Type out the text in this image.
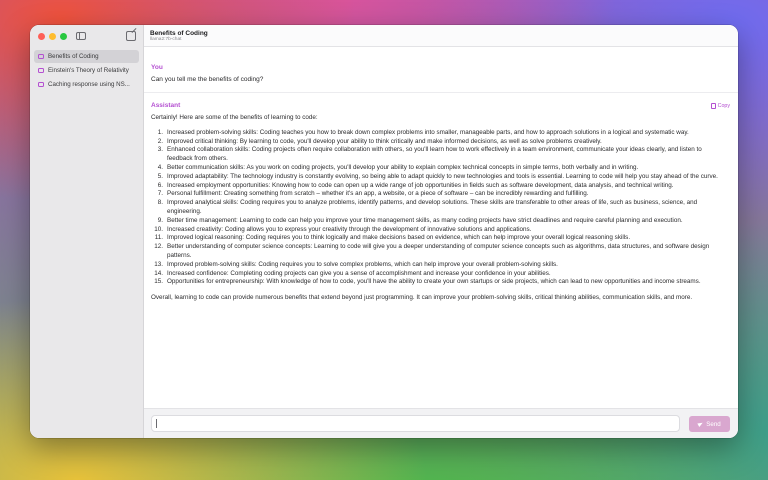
Benefits of Coding
Einstein's Theory of Relativity
Caching response using NS...
Benefits of Coding
llama2:7b-chat
You
Can you tell me the benefits of coding?
Assistant	Copy

Certainly! Here are some of the benefits of learning to code:

1. Increased problem-solving skills: Coding teaches you how to break down complex problems into smaller, manageable parts, and how to approach solutions in a logical and systematic way.
2. Improved critical thinking: By learning to code, you'll develop your ability to think critically and make informed decisions, as well as solve problems creatively.
3. Enhanced collaboration skills: Coding projects often require collaboration with others, so you'll learn how to work effectively in a team environment, communicate your ideas clearly, and listen to feedback from others.
4. Better communication skills: As you work on coding projects, you'll develop your ability to explain complex technical concepts in simple terms, both verbally and in writing.
5. Improved adaptability: The technology industry is constantly evolving, so being able to adapt quickly to new technologies and tools is essential. Learning to code will help you stay ahead of the curve.
6. Increased employment opportunities: Knowing how to code can open up a wide range of job opportunities in fields such as software development, data analysis, and technical writing.
7. Personal fulfillment: Creating something from scratch – whether it's an app, a website, or a piece of software – can be incredibly rewarding and fulfilling.
8. Improved analytical skills: Coding requires you to analyze problems, identify patterns, and develop solutions. These skills are transferable to other areas of life, such as business, science, and engineering.
9. Better time management: Learning to code can help you improve your time management skills, as many coding projects have strict deadlines and require careful planning and execution.
10. Increased creativity: Coding allows you to express your creativity through the development of innovative solutions and applications.
11. Improved logical reasoning: Coding requires you to think logically and make decisions based on evidence, which can help improve your overall logical reasoning skills.
12. Better understanding of computer science concepts: Learning to code will give you a deeper understanding of computer science concepts such as algorithms, data structures, and software design patterns.
13. Improved problem-solving skills: Coding requires you to solve complex problems, which can help improve your overall problem-solving skills.
14. Increased confidence: Completing coding projects can give you a sense of accomplishment and increase your confidence in your abilities.
15. Opportunities for entrepreneurship: With knowledge of how to code, you'll have the ability to create your own startups or side projects, which can lead to new opportunities and income streams.

Overall, learning to code can provide numerous benefits that extend beyond just programming. It can improve your problem-solving skills, critical thinking abilities, communication skills, and more.

Send
